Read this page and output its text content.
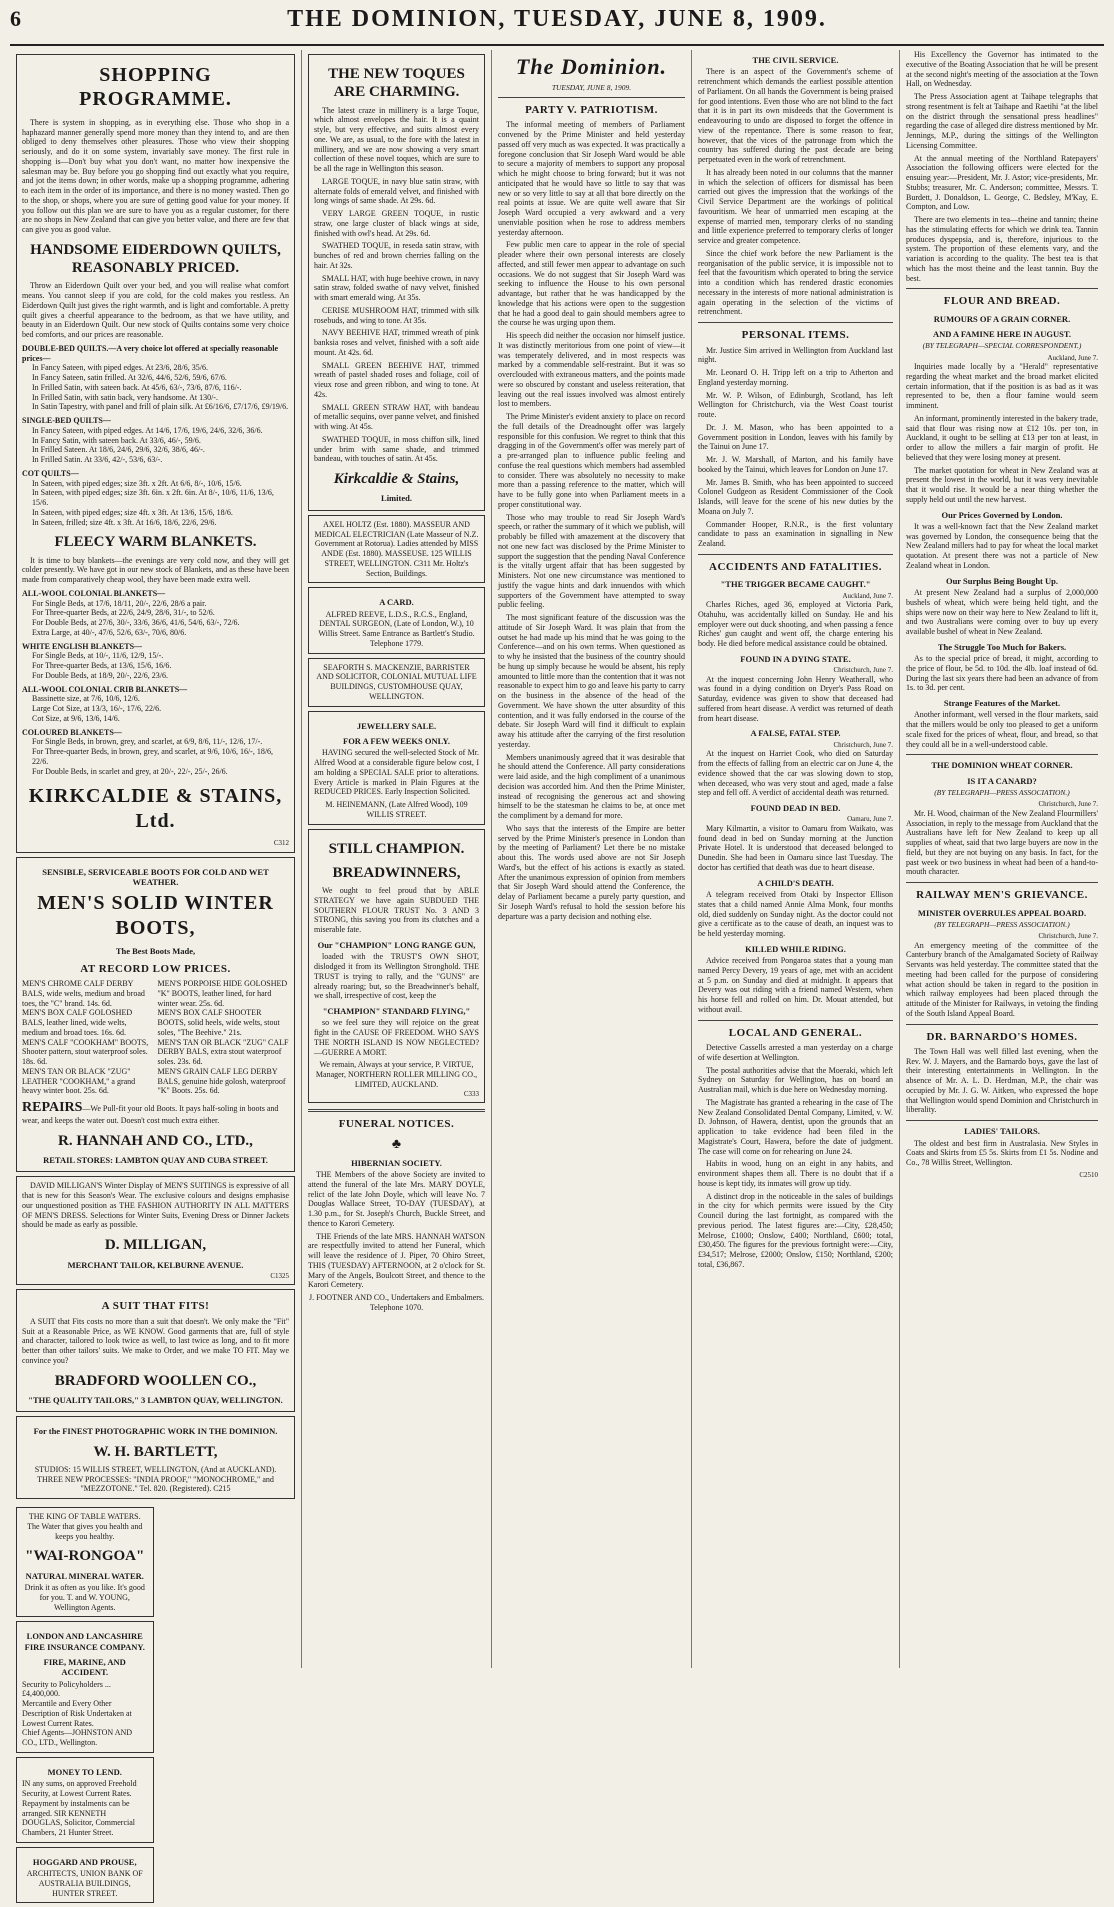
6	THE DOMINION, TUESDAY, JUNE 8, 1909.
SHOPPING PROGRAMME.

There is system in shopping, as in everything else. Those who shop in a haphazard manner generally spend more money than they intend to, and are then obliged to deny themselves other pleasures. Those who view their shopping seriously, and do it on some system, invariably save money. The first rule in shopping is—Don't buy what you don't want, no matter how inexpensive the salesman may be. Buy before you go shopping find out exactly what you require, and jot the items down; in other words, make up a shopping programme, adhering to each item in the order of its importance, and there is no money wasted. Then go to the shop, or shops, where you are sure of getting good value for your money. If you follow out this plan we are sure to have you as a regular customer, for there are no shops in New Zealand that can give you better value, and there are few that can give you as good value.

HANDSOME EIDERDOWN QUILTS, REASONABLY PRICED.

Throw an Eiderdown Quilt over your bed, and you will realise what comfort means. You cannot sleep if you are cold, for the cold makes you restless. An Eiderdown Quilt just gives the right warmth, and is light and comfortable. A pretty quilt gives a cheerful appearance to the bedroom, as that we have utility, and beauty in an Eiderdown Quilt. Our new stock of Quilts contains some very choice bed comforts, and our prices are reasonable.

DOUBLE-BED QUILTS.—A very choice lot offered at specially reasonable prices—
In Fancy Sateen, with piped edges. At 23/6, 28/6, 35/6.
In Fancy Sateen, satin frilled. At 32/6, 44/6, 52/6, 59/6, 67/6.
In Frilled Satin, with sateen back. At 45/6, 63/-, 73/6, 87/6, 116/-.
In Frilled Satin, with satin back, very handsome. At 130/-.
In Satin Tapestry, with panel and frill of plain silk. At £6/16/6, £7/17/6, £9/19/6.
SINGLE-BED QUILTS—
In Fancy Sateen, with piped edges. At 14/6, 17/6, 19/6, 24/6, 32/6, 36/6.
In Fancy Satin, with sateen back. At 33/6, 46/-, 59/6.
In Frilled Sateen. At 18/6, 24/6, 29/6, 32/6, 38/6, 46/-.
In Frilled Satin. At 33/6, 42/-, 53/6, 63/-.
COT QUILTS—
In Sateen, with piped edges; size 3ft. x 2ft. At 6/6, 8/-, 10/6, 15/6.
In Sateen, with piped edges; size 3ft. 6in. x 2ft. 6in. At 8/-, 10/6, 11/6, 13/6, 15/6.
In Sateen, with piped edges; size 4ft. x 3ft. At 13/6, 15/6, 18/6.
In Sateen, frilled; size 4ft. x 3ft. At 16/6, 18/6, 22/6, 29/6.
FLEECY WARM BLANKETS.

It is time to buy blankets—the evenings are very cold now, and they will get colder presently. We have got in our new stock of Blankets, and as these have been made from comparatively cheap wool, they have been made extra well.

ALL-WOOL COLONIAL BLANKETS—
For Single Beds, at 17/6, 18/11, 20/-, 22/6, 28/6 a pair.
For Three-quarter Beds, at 22/6, 24/9, 28/6, 31/-, to 52/6.
For Double Beds, at 27/6, 30/-, 33/6, 36/6, 41/6, 54/6, 63/-, 72/6.
Extra Large, at 40/-, 47/6, 52/6, 63/-, 70/6, 80/6.
WHITE ENGLISH BLANKETS—
For Single Beds, at 10/-, 11/6, 12/9, 15/-.
For Three-quarter Beds, at 13/6, 15/6, 16/6.
For Double Beds, at 18/9, 20/-, 22/6, 23/6.
ALL-WOOL COLONIAL CRIB BLANKETS—
Bassinette size, at 7/6, 10/6, 12/6.
Large Cot Size, at 13/3, 16/-, 17/6, 22/6.
Cot Size, at 9/6, 13/6, 14/6.
COLOURED BLANKETS—
For Single Beds, in brown, grey, and scarlet, at 6/9, 8/6, 11/-, 12/6, 17/-.
For Three-quarter Beds, in brown, grey, and scarlet, at 9/6, 10/6, 16/-, 18/6, 22/6.
For Double Beds, in scarlet and grey, at 20/-, 22/-, 25/-, 26/6.
KIRKCALDIE & STAINS, Ltd.
C312
SENSIBLE, SERVICEABLE BOOTS FOR COLD AND WET WEATHER.
MEN'S SOLID WINTER BOOTS,
The Best Boots Made,
AT RECORD LOW PRICES.
MEN'S CHROME CALF DERBY BALS, wide welts, medium and broad toes, the "C" brand. 14s. 6d.
MEN'S BOX CALF GOLOSHED BALS, leather lined, wide welts, medium and broad toes. 16s. 6d.
MEN'S CALF "COOKHAM" BOOTS, Shooter pattern, stout waterproof soles. 18s. 6d.
MEN'S TAN OR BLACK "ZUG" LEATHER "COOKHAM," a grand heavy winter boot. 25s. 6d.
MEN'S PORPOISE HIDE GOLOSHED "K" BOOTS, leather lined, for hard winter wear. 25s. 6d.
MEN'S BOX CALF SHOOTER BOOTS, solid heels, wide welts, stout soles, "The Beehive." 21s.
MEN'S TAN OR BLACK "ZUG" CALF DERBY BALS, extra stout waterproof soles. 23s. 6d.
MEN'S GRAIN CALF LEG DERBY BALS, genuine hide golosh, waterproof "K" Boots. 25s. 6d.
REPAIRS—We Pull-fit your old Boots. It pays half-soling in boots and wear, and keeps the water out. Doesn't cost much extra either.
R. HANNAH AND CO., LTD.,
RETAIL STORES: LAMBTON QUAY AND CUBA STREET.

DAVID MILLIGAN'S Winter Display of MEN'S SUITINGS is expressive of all that is new for this Season's Wear. The exclusive colours and designs emphasise our unquestioned position as THE FASHION AUTHORITY IN ALL MATTERS OF MEN'S DRESS. Selections for Winter Suits, Evening Dress or Dinner Jackets should be made as early as possible.

D. MILLIGAN,
MERCHANT TAILOR, KELBURNE AVENUE.
C1325
A SUIT THAT FITS!

A SUIT that Fits costs no more than a suit that doesn't. We only make the "Fit" Suit at a Reasonable Price, as WE KNOW. Good garments that are, full of style and character, tailored to look twice as well, to last twice as long, and to fit more better than other tailors' suits. We make to Order, and we make TO FIT. May we convince you?

BRADFORD WOOLLEN CO.,
"THE QUALITY TAILORS," 3 LAMBTON QUAY, WELLINGTON.
For the FINEST PHOTOGRAPHIC WORK IN THE DOMINION.
W. H. BARTLETT,
STUDIOS: 15 WILLIS STREET, WELLINGTON, (And at AUCKLAND).
THREE NEW PROCESSES: "INDIA PROOF," "MONOCHROME," and "MEZZOTONE." Tel. 820. (Registered). C215
THE KING OF TABLE WATERS. The Water that gives you health and keeps you healthy.
"WAI-RONGOA"
NATURAL MINERAL WATER.
Drink it as often as you like. It's good for you. T. and W. YOUNG, Wellington Agents.
LONDON AND LANCASHIRE FIRE INSURANCE COMPANY.
FIRE, MARINE, AND ACCIDENT.
Security to Policyholders ... £4,400,000.
Mercantile and Every Other Description of Risk Undertaken at Lowest Current Rates.
Chief Agents—JOHNSTON AND CO., LTD., Wellington.
MONEY TO LEND.
IN any sums, on approved Freehold Security, at Lowest Current Rates. Repayment by instalments can be arranged. SIR KENNETH DOUGLAS, Solicitor, Commercial Chambers, 21 Hunter Street.
HOGGARD AND PROUSE,
ARCHITECTS, UNION BANK OF AUSTRALIA BUILDINGS, HUNTER STREET.
THE NEW TOQUES ARE CHARMING.

The latest craze in millinery is a large Toque, which almost envelopes the hair. It is a quaint style, but very effective, and suits almost every one. We are, as usual, to the fore with the latest in millinery, and we are now showing a very smart collection of these novel toques, which are sure to be all the rage in Wellington this season.

LARGE TOQUE, in navy blue satin straw, with alternate folds of emerald velvet, and finished with long wings of same shade. At 29s. 6d.

VERY LARGE GREEN TOQUE, in rustic straw, one large cluster of black wings at side, finished with owl's head. At 29s. 6d.

SWATHED TOQUE, in reseda satin straw, with bunches of red and brown cherries falling on the hair. At 32s.

SMALL HAT, with huge beehive crown, in navy satin straw, folded swathe of navy velvet, finished with smart emerald wing. At 35s.

CERISE MUSHROOM HAT, trimmed with silk rosebuds, and wing to tone. At 35s.

NAVY BEEHIVE HAT, trimmed wreath of pink banksia roses and velvet, finished with a soft aide mount. At 42s. 6d.

SMALL GREEN BEEHIVE HAT, trimmed wreath of pastel shaded roses and foliage, coil of vieux rose and green ribbon, and wing to tone. At 42s.

SMALL GREEN STRAW HAT, with bandeau of metallic sequins, over panne velvet, and finished with wing. At 45s.

SWATHED TOQUE, in moss chiffon silk, lined under brim with same shade, and trimmed bandeau, with touches of satin. At 45s.

Kirkcaldie & Stains,
Limited.
AXEL HOLTZ (Est. 1880). MASSEUR AND MEDICAL ELECTRICIAN (Late Masseur of N.Z. Government at Rotorua). Ladies attended by MISS ANDE (Est. 1880). MASSEUSE. 125 WILLIS STREET, WELLINGTON. C311 Mr. Holtz's Section, Buildings.
A CARD.
ALFRED REEVE, L.D.S., R.C.S., England, DENTAL SURGEON, (Late of London, W.), 10 Willis Street. Same Entrance as Bartlett's Studio. Telephone 1779.
SEAFORTH S. MACKENZIE, BARRISTER AND SOLICITOR, COLONIAL MUTUAL LIFE BUILDINGS, CUSTOMHOUSE QUAY, WELLINGTON.
JEWELLERY SALE.
FOR A FEW WEEKS ONLY.

HAVING secured the well-selected Stock of Mr. Alfred Wood at a considerable figure below cost, I am holding a SPECIAL SALE prior to alterations. Every Article is marked in Plain Figures at the REDUCED PRICES. Early Inspection Solicited.

M. HEINEMANN, (Late Alfred Wood), 109 WILLIS STREET.
STILL CHAMPION.
BREADWINNERS,

We ought to feel proud that by ABLE STRATEGY we have again SUBDUED THE SOUTHERN FLOUR TRUST No. 3 AND 3 STRONG, this saving you from its clutches and a miserable fate.

Our "CHAMPION" LONG RANGE GUN,

loaded with the TRUST'S OWN SHOT, dislodged it from its Wellington Stronghold. THE TRUST is trying to rally, and the "GUNS" are already roaring; but, so the Breadwinner's behalf, we shall, irrespective of cost, keep the

"CHAMPION" STANDARD FLYING,"

so we feel sure they will rejoice on the great fight in the CAUSE OF FREEDOM. WHO SAYS THE NORTH ISLAND IS NOW NEGLECTED?—GUERRE A MORT.

We remain, Always at your service, P. VIRTUE, Manager, NORTHERN ROLLER MILLING CO., LIMITED, AUCKLAND.
C333
FUNERAL NOTICES.
♣
HIBERNIAN SOCIETY.

THE Members of the above Society are invited to attend the funeral of the late Mrs. MARY DOYLE, relict of the late John Doyle, which will leave No. 7 Douglas Wallace Street, TO-DAY (TUESDAY), at 1.30 p.m., for St. Joseph's Church, Buckle Street, and thence to Karori Cemetery.

THE Friends of the late MRS. HANNAH WATSON are respectfully invited to attend her Funeral, which will leave the residence of J. Piper, 70 Ohiro Street, THIS (TUESDAY) AFTERNOON, at 2 o'clock for St. Mary of the Angels, Boulcott Street, and thence to the Karori Cemetery.

J. FOOTNER AND CO., Undertakers and Embalmers. Telephone 1070.
The Dominion.
TUESDAY, JUNE 8, 1909.
PARTY V. PATRIOTISM.

The informal meeting of members of Parliament convened by the Prime Minister and held yesterday passed off very much as was expected. It was practically a foregone conclusion that Sir Joseph Ward would be able to secure a majority of members to support any proposal which he might choose to bring forward; but it was not anticipated that he would have so little to say that was new or so very little to say at all that bore directly on the real points at issue. We are quite well aware that Sir Joseph Ward occupied a very awkward and a very unenviable position when he rose to address members yesterday afternoon.

Few public men care to appear in the role of special pleader where their own personal interests are closely affected, and still fewer men appear to advantage on such occasions. We do not suggest that Sir Joseph Ward was seeking to influence the House to his own personal advantage, but rather that he was handicapped by the knowledge that his actions were open to the suggestion that he had a good deal to gain should members agree to the course he was urging upon them.

His speech did neither the occasion nor himself justice. It was distinctly meritorious from one point of view—it was temperately delivered, and in most respects was marked by a commendable self-restraint. But it was so overclouded with extraneous matters, and the points made were so obscured by constant and useless reiteration, that leaving out the real issues involved was almost entirely lost to members.

The Prime Minister's evident anxiety to place on record the full details of the Dreadnought offer was largely responsible for this confusion. We regret to think that this dragging in of the Government's offer was merely part of a pre-arranged plan to influence public feeling and confuse the real questions which members had assembled to consider. There was absolutely no necessity to make more than a passing reference to the matter, which will have to be fully gone into when Parliament meets in a proper constitutional way.

Those who may trouble to read Sir Joseph Ward's speech, or rather the summary of it which we publish, will probably be filled with amazement at the discovery that not one new fact was disclosed by the Prime Minister to support the suggestion that the pending Naval Conference is the vitally urgent affair that has been suggested by Ministers. Not one new circumstance was mentioned to justify the vague hints and dark innuendos with which supporters of the Government have attempted to sway public feeling.

The most significant feature of the discussion was the attitude of Sir Joseph Ward. It was plain that from the outset he had made up his mind that he was going to the Conference—and on his own terms. When questioned as to why he insisted that the business of the country should be hung up simply because he would be absent, his reply amounted to little more than the contention that it was not reasonable to expect him to go and leave his party to carry on the business in the absence of the head of the Government. We have shown the utter absurdity of this contention, and it was fully endorsed in the course of the debate. Sir Joseph Ward will find it difficult to explain away his attitude after the carrying of the first resolution yesterday.

Members unanimously agreed that it was desirable that he should attend the Conference. All party considerations were laid aside, and the high compliment of a unanimous decision was accorded him. And then the Prime Minister, instead of recognising the generous act and showing himself to be the statesman he claims to be, at once met the compliment by a demand for more.

Who says that the interests of the Empire are better served by the Prime Minister's presence in London than by the meeting of Parliament? Let there be no mistake about this. The words used above are not Sir Joseph Ward's, but the effect of his actions is exactly as stated. After the unanimous expression of opinion from members that Sir Joseph Ward should attend the Conference, the delay of Parliament became a purely party question, and Sir Joseph Ward's refusal to hold the session before his departure was a party decision and nothing else.

THE CIVIL SERVICE.

There is an aspect of the Government's scheme of retrenchment which demands the earliest possible attention of Parliament. On all hands the Government is being praised for good intentions. Even those who are not blind to the fact that it is in part its own misdeeds that the Government is endeavouring to undo are disposed to forget the offence in view of the repentance. There is some reason to fear, however, that the vices of the patronage from which the country has suffered during the past decade are being perpetuated even in the work of retrenchment.

It has already been noted in our columns that the manner in which the selection of officers for dismissal has been carried out gives the impression that the workings of the Civil Service Department are the workings of political favouritism. We hear of unmarried men escaping at the expense of married men, temporary clerks of no standing and little experience preferred to temporary clerks of longer service and greater competence.

Since the chief work before the new Parliament is the reorganisation of the public service, it is impossible not to feel that the favouritism which operated to bring the service into a condition which has rendered drastic economies necessary in the interests of more national administration is again operating in the selection of the victims of retrenchment.

PERSONAL ITEMS.

Mr. Justice Sim arrived in Wellington from Auckland last night.

Mr. Leonard O. H. Tripp left on a trip to Atherton and England yesterday morning.

Mr. W. P. Wilson, of Edinburgh, Scotland, has left Wellington for Christchurch, via the West Coast tourist route.

Dr. J. M. Mason, who has been appointed to a Government position in London, leaves with his family by the Tainui on June 17.

Mr. J. W. Marshall, of Marton, and his family have booked by the Tainui, which leaves for London on June 17.

Mr. James B. Smith, who has been appointed to succeed Colonel Gudgeon as Resident Commissioner of the Cook Islands, will leave for the scene of his new duties by the Moana on July 7.

Commander Hooper, R.N.R., is the first voluntary candidate to pass an examination in signalling in New Zealand.

ACCIDENTS AND FATALITIES.
"THE TRIGGER BECAME CAUGHT."
Auckland, June 7.

Charles Riches, aged 36, employed at Victoria Park, Otahuhu, was accidentally killed on Sunday. He and his employer were out duck shooting, and when passing a fence Riches' gun caught and went off, the charge entering his body. He died before medical assistance could be obtained.

FOUND IN A DYING STATE.
Christchurch, June 7.

At the inquest concerning John Henry Weatherall, who was found in a dying condition on Dryer's Pass Road on Saturday, evidence was given to show that deceased had suffered from heart disease. A verdict was returned of death from heart disease.

A FALSE, FATAL STEP.
Christchurch, June 7.

At the inquest on Harriet Cook, who died on Saturday from the effects of falling from an electric car on June 4, the evidence showed that the car was slowing down to stop, when deceased, who was very stout and aged, made a false step and fell off. A verdict of accidental death was returned.

FOUND DEAD IN BED.
Oamaru, June 7.

Mary Kilmartin, a visitor to Oamaru from Waikato, was found dead in bed on Sunday morning at the Junction Private Hotel. It is understood that deceased belonged to Dunedin. She had been in Oamaru since last Tuesday. The doctor has certified that death was due to heart disease.

A CHILD'S DEATH.

A telegram received from Otaki by Inspector Ellison states that a child named Annie Alma Monk, four months old, died suddenly on Sunday night. As the doctor could not give a certificate as to the cause of death, an inquest was to be held yesterday morning.

KILLED WHILE RIDING.

Advice received from Pongaroa states that a young man named Percy Devery, 19 years of age, met with an accident at 5 p.m. on Sunday and died at midnight. It appears that Devery was out riding with a friend named Western, when his horse fell and rolled on him. Dr. Mouat attended, but without avail.

LOCAL AND GENERAL.

Detective Cassells arrested a man yesterday on a charge of wife desertion at Wellington.

The postal authorities advise that the Moeraki, which left Sydney on Saturday for Wellington, has on board an Australian mail, which is due here on Wednesday morning.

The Magistrate has granted a rehearing in the case of The New Zealand Consolidated Dental Company, Limited, v. W. D. Johnson, of Hawera, dentist, upon the grounds that an application to take evidence had been filed in the Magistrate's Court, Hawera, before the date of judgment. The case will come on for rehearing on June 24.

Habits in wood, hung on an eight in any habits, and environment shapes them all. There is no doubt that if a house is kept tidy, its inmates will grow up tidy.

A distinct drop in the noticeable in the sales of buildings in the city for which permits were issued by the City Council during the last fortnight, as compared with the previous period. The latest figures are:—City, £28,450; Melrose, £1000; Onslow, £400; Northland, £600; total, £30,450. The figures for the previous fortnight were:—City, £34,517; Melrose, £2000; Onslow, £150; Northland, £200; total, £36,867.

His Excellency the Governor has intimated to the executive of the Boating Association that he will be present at the second night's meeting of the association at the Town Hall, on Wednesday.

The Press Association agent at Taihape telegraphs that strong resentment is felt at Taihape and Raetihi "at the libel on the district through the sensational press headlines" regarding the case of alleged dire distress mentioned by Mr. Jennings, M.P., during the sittings of the Wellington Licensing Committee.

At the annual meeting of the Northland Ratepayers' Association the following officers were elected for the ensuing year:—President, Mr. J. Astor; vice-presidents, Mr. Stubbs; treasurer, Mr. C. Anderson; committee, Messrs. T. Burdett, J. Donaldson, L. George, C. Bedsley, M'Kay, E. Compton, and Low.

There are two elements in tea—theine and tannin; theine has the stimulating effects for which we drink tea. Tannin produces dyspepsia, and is, therefore, injurious to the system. The proportion of these elements vary, and the variation is according to the quality. The best tea is that which has the most theine and the least tannin. Buy the best.

FLOUR AND BREAD.
RUMOURS OF A GRAIN CORNER.
AND A FAMINE HERE IN AUGUST.
(BY TELEGRAPH—SPECIAL CORRESPONDENT.)
Auckland, June 7.

Inquiries made locally by a "Herald" representative regarding the wheat market and the broad market elicited certain information, that if the position is as bad as it was represented to be, then a flour famine would seem imminent.

An informant, prominently interested in the bakery trade, said that flour was rising now at £12 10s. per ton, in Auckland, it ought to be selling at £13 per ton at least, in order to allow the millers a fair margin of profit. He believed that they were losing money at present.

The market quotation for wheat in New Zealand was at present the lowest in the world, but it was very inevitable that it would rise. It would be a near thing whether the supply held out until the new harvest.

Our Prices Governed by London.

It was a well-known fact that the New Zealand market was governed by London, the consequence being that the New Zealand millers had to pay for wheat the local market quotation. At present there was not a particle of New Zealand wheat in London.

Our Surplus Being Bought Up.

At present New Zealand had a surplus of 2,000,000 bushels of wheat, which were being held tight, and the ships were now on their way here to New Zealand to lift it, and two Australians were coming over to buy up every available bushel of wheat in New Zealand.

The Struggle Too Much for Bakers.

As to the special price of bread, it might, according to the price of flour, be 5d. to 10d. the 4lb. loaf instead of 6d. During the last six years there had been an advance of from 1s. to 3d. per cent.

Strange Features of the Market.

Another informant, well versed in the flour markets, said that the millers would be only too pleased to get a uniform scale fixed for the prices of wheat, flour, and bread, so that they could all be in a well-understood cable.

THE DOMINION WHEAT CORNER.
IS IT A CANARD?
(BY TELEGRAPH—PRESS ASSOCIATION.)
Christchurch, June 7.

Mr. H. Wood, chairman of the New Zealand Flourmillers' Association, in reply to the message from Auckland that the Australians have left for New Zealand to keep up all supplies of wheat, said that two large buyers are now in the field, but they are not buying on any basis. In fact, for the past week or two business in wheat had been of a hand-to-mouth character.

RAILWAY MEN'S GRIEVANCE.
MINISTER OVERRULES APPEAL BOARD.
(BY TELEGRAPH—PRESS ASSOCIATION.)
Christchurch, June 7.

An emergency meeting of the committee of the Canterbury branch of the Amalgamated Society of Railway Servants was held yesterday. The committee stated that the meeting had been called for the purpose of considering what action should be taken in regard to the position in which railway employees had been placed through the attitude of the Minister for Railways, in vetoing the finding of the South Island Appeal Board.

DR. BARNARDO'S HOMES.

The Town Hall was well filled last evening, when the Rev. W. J. Mayers, and the Barnardo boys, gave the last of their interesting entertainments in Wellington. In the absence of Mr. A. L. D. Herdman, M.P., the chair was occupied by Mr. J. G. W. Aitken, who expressed the hope that Wellington would spend Dominion and Christchurch in liberality.

LADIES' TAILORS.

The oldest and best firm in Australasia. New Styles in Coats and Skirts from £5 5s. Skirts from £1 5s. Nodine and Co., 78 Willis Street, Wellington.

C2510
